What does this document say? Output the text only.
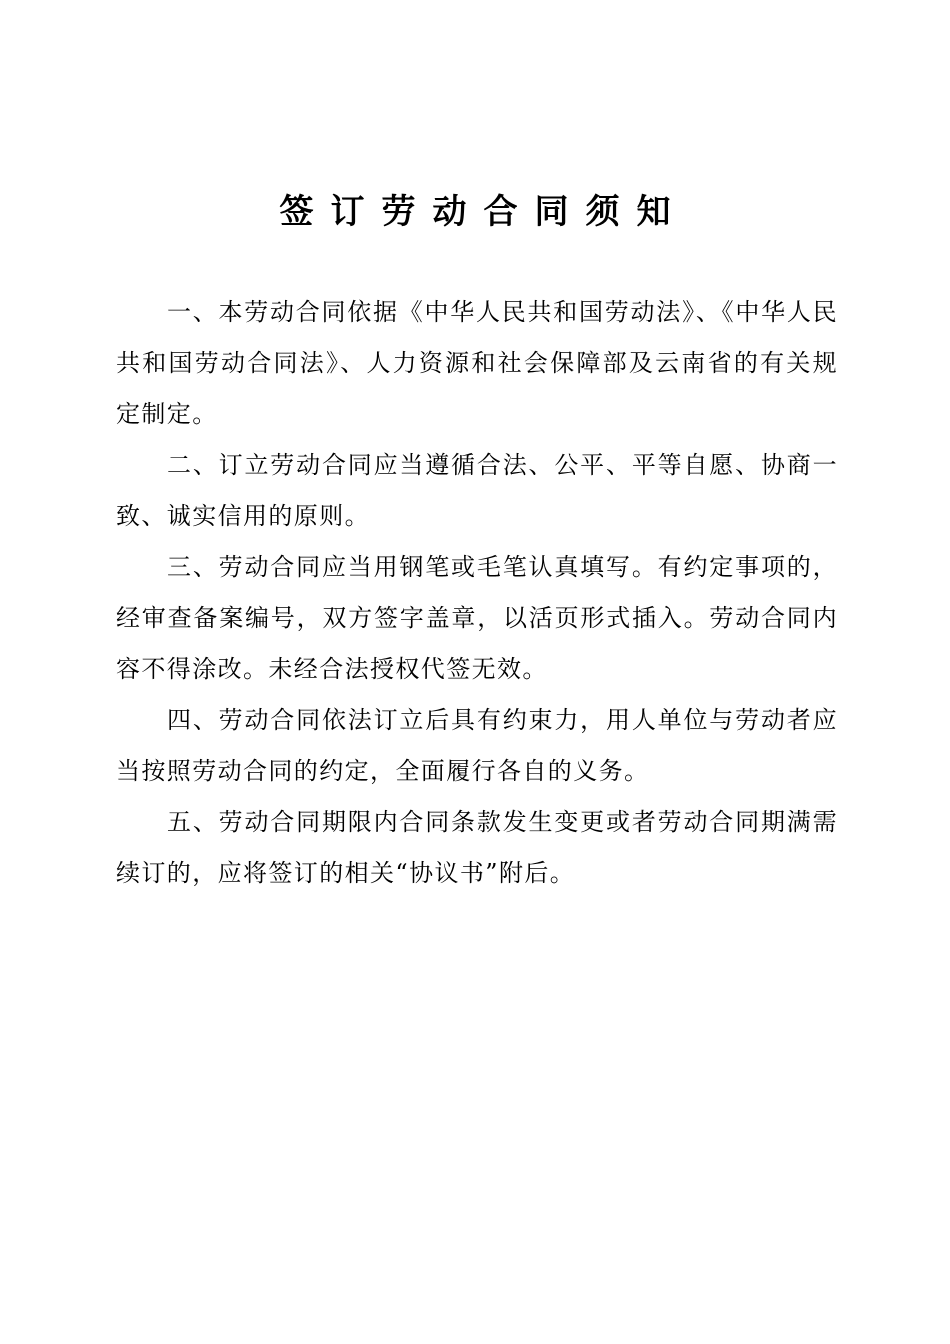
签订劳动合同须知

一、本劳动合同依据《中华人民共和国劳动法》、《中华人民共和国劳动合同法》、人力资源和社会保障部及云南省的有关规定制定。

二、订立劳动合同应当遵循合法、公平、平等自愿、协商一致、诚实信用的原则。

三、劳动合同应当用钢笔或毛笔认真填写。有约定事项的，经审查备案编号，双方签字盖章，以活页形式插入。劳动合同内容不得涂改。未经合法授权代签无效。

四、劳动合同依法订立后具有约束力，用人单位与劳动者应当按照劳动合同的约定，全面履行各自的义务。

五、劳动合同期限内合同条款发生变更或者劳动合同期满需续订的，应将签订的相关“协议书”附后。
